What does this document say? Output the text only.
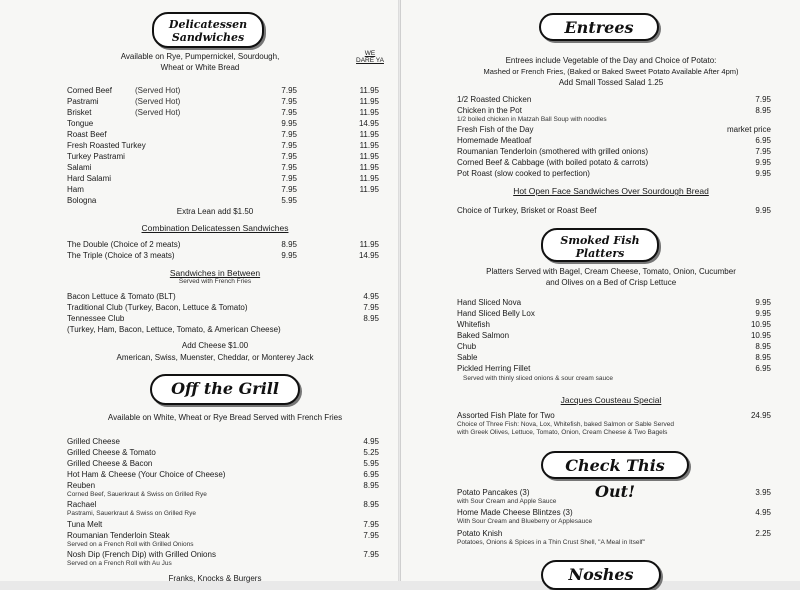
Delicatessen Sandwiches
Available on Rye, Pumpernickel, Sourdough,
Wheat or White Bread
WE DARE YA
Corned Beef	(Served Hot)	7.95	11.95
Pastrami	(Served Hot)	7.95	11.95
Brisket	(Served Hot)	7.95	11.95
Tongue	9.95	14.95
Roast Beef	7.95	11.95
Fresh Roasted Turkey	7.95	11.95
Turkey Pastrami	7.95	11.95
Salami	7.95	11.95
Hard Salami	7.95	11.95
Ham	7.95	11.95
Bologna	5.95
Extra Lean add $1.50
Combination Delicatessen Sandwiches
The Double (Choice of 2 meats)	8.95	11.95
The Triple (Choice of 3 meats)	9.95	14.95
Sandwiches in Between
Served with French Fries
Bacon Lettuce & Tomato (BLT)	4.95
Traditional Club (Turkey, Bacon, Lettuce & Tomato)	7.95
Tennessee Club	8.95
(Turkey, Ham, Bacon, Lettuce, Tomato, & American Cheese)
Add Cheese $1.00
American, Swiss, Muenster, Cheddar, or Monterey Jack
Off the Grill
Available on White, Wheat or Rye Bread Served with French Fries
Grilled Cheese	4.95
Grilled Cheese & Tomato	5.25
Grilled Cheese & Bacon	5.95
Hot Ham & Cheese (Your Choice of Cheese)	6.95
Reuben	8.95
Corned Beef, Sauerkraut & Swiss on Grilled Rye
Rachael	8.95
Pastrami, Sauerkraut & Swiss on Grilled Rye
Tuna Melt	7.95
Roumanian Tenderloin Steak	7.95
Served on a French Roll with Grilled Onions
Nosh Dip (French Dip) with Grilled Onions	7.95
Served on a French Roll with Au Jus
Franks, Knocks & Burgers
Entrees
Entrees include Vegetable of the Day and Choice of Potato:
Mashed or French Fries, (Baked or Baked Sweet Potato Available After 4pm)
Add Small Tossed Salad 1.25
1/2 Roasted Chicken	7.95
Chicken in the Pot	8.95
1/2 boiled chicken in Matzah Ball Soup with noodles
Fresh Fish of the Day	market price
Homemade Meatloaf	6.95
Roumanian Tenderloin (smothered with grilled onions)	7.95
Corned Beef & Cabbage (with boiled potato & carrots)	9.95
Pot Roast (slow cooked to perfection)	9.95
Hot Open Face Sandwiches Over Sourdough Bread
Choice of Turkey, Brisket or Roast Beef	9.95
Smoked Fish Platters
Platters Served with Bagel, Cream Cheese, Tomato, Onion, Cucumber
and Olives on a Bed of Crisp Lettuce
Hand Sliced Nova	9.95
Hand Sliced Belly Lox	9.95
Whitefish	10.95
Baked Salmon	10.95
Chub	8.95
Sable	8.95
Pickled Herring Fillet	6.95
Served with thinly sliced onions & sour cream sauce
Jacques Cousteau Special
Assorted Fish Plate for Two	24.95
Choice of Three Fish: Nova, Lox, Whitefish, baked Salmon or Sable Served
with Greek Olives, Lettuce, Tomato, Onion, Cream Cheese & Two Bagels
Check This Out!
Potato Pancakes (3)	3.95
with Sour Cream and Apple Sauce
Home Made Cheese Blintzes (3)	4.95
With Sour Cream and Blueberry or Applesauce
Potato Knish	2.25
Potatoes, Onions & Spices in a Thin Crust Shell, "A Meal in Itself"
Noshes
